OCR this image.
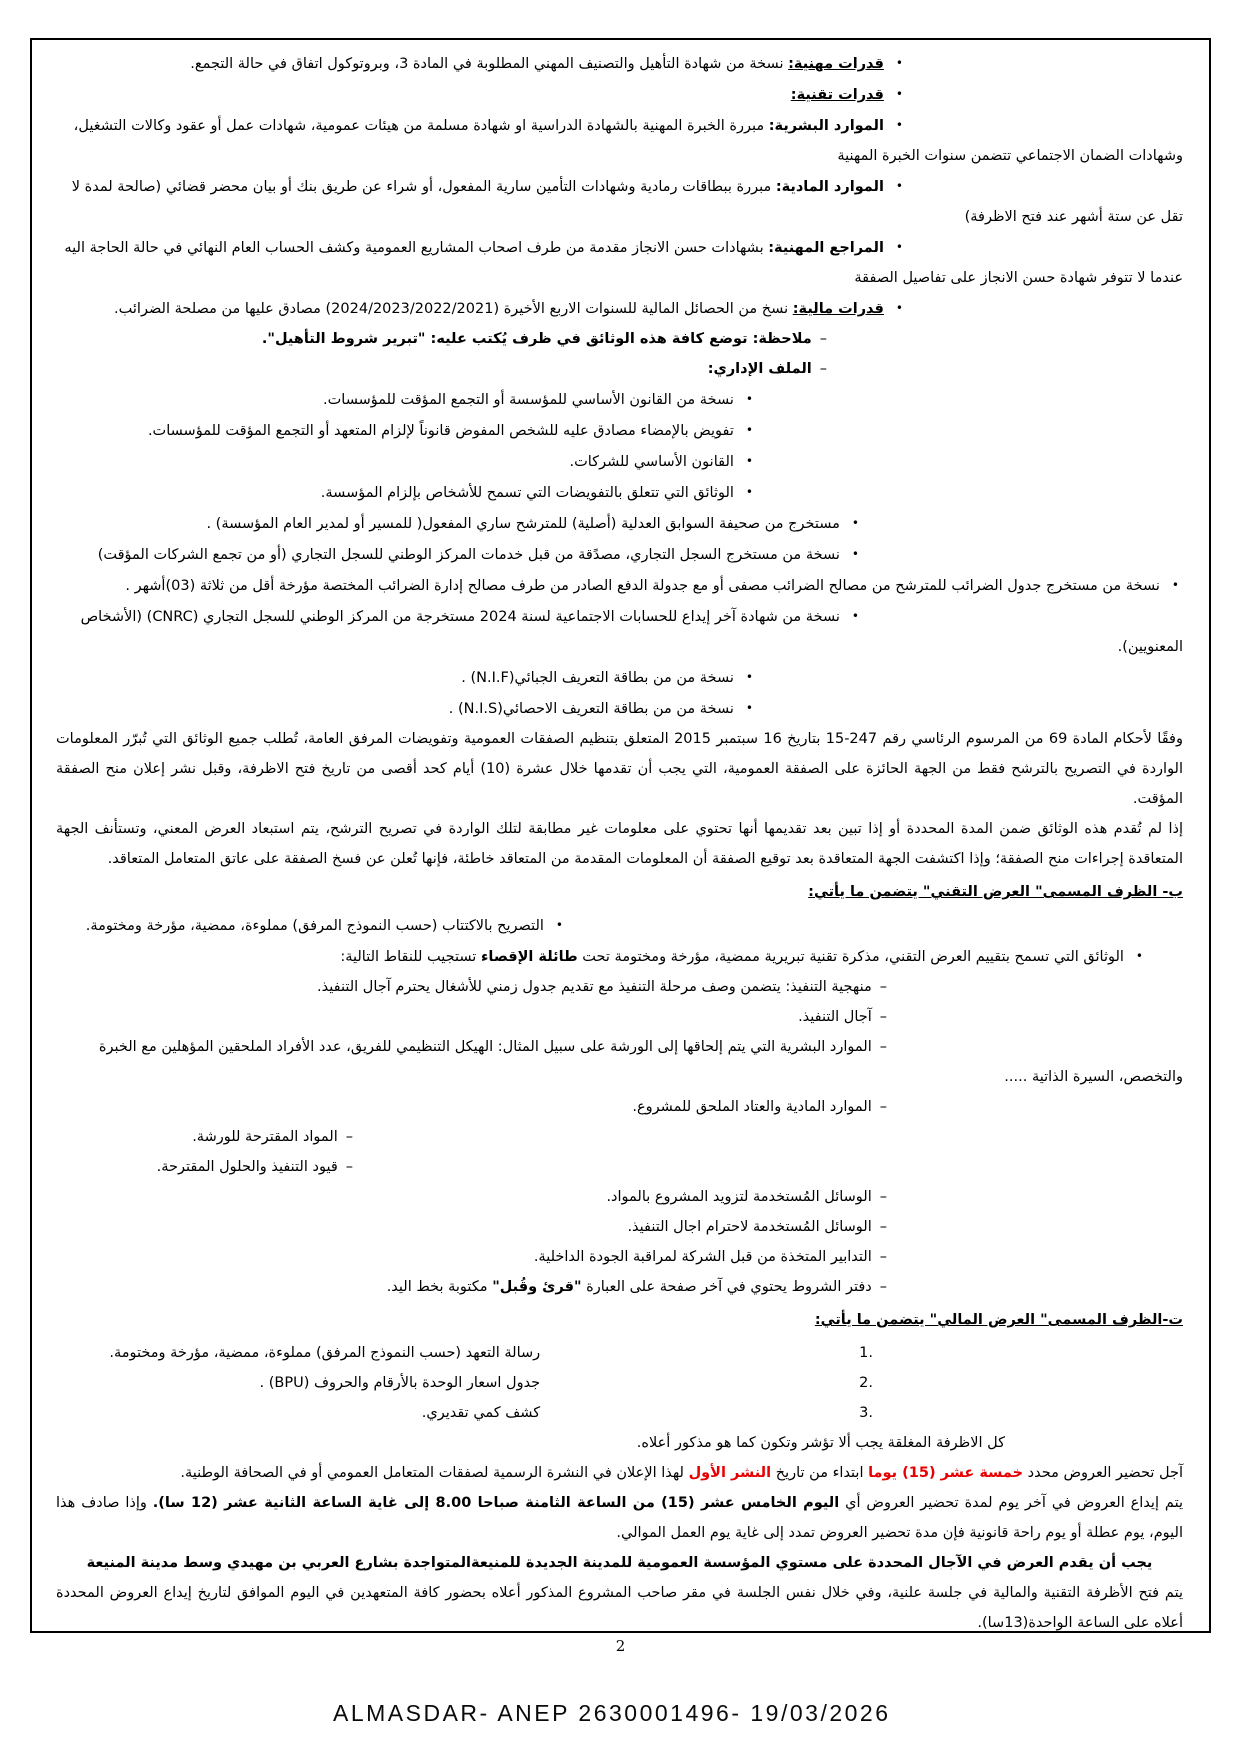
•قدرات مهنية: نسخة من شهادة التأهيل والتصنيف المهني المطلوبة في المادة 3، وبروتوكول اتفاق في حالة التجمع.
•قدرات تقنية:
•الموارد البشرية: مبررة الخبرة المهنية بالشهادة الدراسية او شهادة مسلمة من هيئات عمومية، شهادات عمل أو عقود وكالات التشغيل، وشهادات الضمان الاجتماعي تتضمن سنوات الخبرة المهنية
•الموارد المادية: مبررة ببطاقات رمادية وشهادات التأمين سارية المفعول، أو شراء عن طريق بنك أو بيان محضر قضائي (صالحة لمدة لا تقل عن ستة أشهر عند فتح الاظرفة)
•المراجع المهنية: بشهادات حسن الانجاز مقدمة من طرف اصحاب المشاريع العمومية وكشف الحساب العام النهائي في حالة الحاجة اليه عندما لا تتوفر شهادة حسن الانجاز على تفاصيل الصفقة
•قدرات مالية: نسخ من الحصائل المالية للسنوات الاربع الأخيرة (2024/2023/2022/2021) مصادق عليها من مصلحة الضرائب.
–ملاحظة: توضع كافة هذه الوثائق في ظرف يُكتب عليه: "تبرير شروط التأهيل".
–الملف الإداري:
•نسخة من القانون الأساسي للمؤسسة أو التجمع المؤقت للمؤسسات.
•تفويض بالإمضاء مصادق عليه للشخص المفوض قانوناً لإلزام المتعهد أو التجمع المؤقت للمؤسسات.
•القانون الأساسي للشركات.
•الوثائق التي تتعلق بالتفويضات التي تسمح للأشخاص بإلزام المؤسسة.
•مستخرج من صحيفة السوابق العدلية (أصلية) للمترشح ساري المفعول( للمسير أو لمدير العام المؤسسة) .
•نسخة من مستخرج السجل التجاري، مصدًقة من قبل خدمات المركز الوطني للسجل التجاري (أو من تجمع الشركات المؤقت)
•نسخة من مستخرج جدول الضرائب للمترشح من مصالح الضرائب مصفى أو مع جدولة الدفع الصادر من طرف مصالح إدارة الضرائب المختصة مؤرخة أقل من ثلاثة (03)أشهر .
•نسخة من شهادة آخر إيداع للحسابات الاجتماعية لسنة 2024 مستخرجة من المركز الوطني للسجل التجاري (CNRC) (الأشخاص المعنويين).
•نسخة من من بطاقة التعريف الجبائي(N.I.F) .
•نسخة من من بطاقة التعريف الاحصائي(N.I.S) .
وفقًا لأحكام المادة 69 من المرسوم الرئاسي رقم 247-15 بتاريخ 16 سبتمبر 2015 المتعلق بتنظيم الصفقات العمومية وتفويضات المرفق العامة، تُطلب جميع الوثائق التي تُبرّر المعلومات الواردة في التصريح بالترشح فقط من الجهة الحائزة على الصفقة العمومية، التي يجب أن تقدمها خلال عشرة (10) أيام كحد أقصى من تاريخ فتح الاظرفة، وقبل نشر إعلان منح الصفقة المؤقت.
إذا لم تُقدم هذه الوثائق ضمن المدة المحددة أو إذا تبين بعد تقديمها أنها تحتوي على معلومات غير مطابقة لتلك الواردة في تصريح الترشح، يتم استبعاد العرض المعني، وتستأنف الجهة المتعاقدة إجراءات منح الصفقة؛ وإذا اكتشفت الجهة المتعاقدة بعد توقيع الصفقة أن المعلومات المقدمة من المتعاقد خاطئة، فإنها تُعلن عن فسخ الصفقة على عاتق المتعامل المتعاقد.
ب- الظرف المسمى" العرض التقني" يتضمن ما يأتي:
•التصريح بالاكتتاب (حسب النموذج المرفق) مملوءة، ممضية، مؤرخة ومختومة.
•الوثائق التي تسمح بتقييم العرض التقني، مذكرة تقنية تبريرية ممضية، مؤرخة ومختومة تحت طائلة الإقصاء تستجيب للنقاط التالية:
–منهجية التنفيذ: يتضمن وصف مرحلة التنفيذ مع تقديم جدول زمني للأشغال يحترم آجال التنفيذ.
–آجال التنفيذ.
–الموارد البشرية التي يتم إلحاقها إلى الورشة على سبيل المثال: الهيكل التنظيمي للفريق، عدد الأفراد الملحقين المؤهلين مع الخبرة والتخصص، السيرة الذاتية .....
–الموارد المادية والعتاد الملحق للمشروع.
–المواد المقترحة للورشة.
–قيود التنفيذ والحلول المقترحة.
–الوسائل المُستخدمة لتزويد المشروع بالمواد.
–الوسائل المُستخدمة لاحترام اجال التنفيذ.
–التدابير المتخذة من قبل الشركة لمراقبة الجودة الداخلية.
–دفتر الشروط يحتوي في آخر صفحة على العبارة "قرئ وقُبل" مكتوبة بخط اليد.
ت-الظرف المسمى" العرض المالي" يتضمن ما يأتي:
1.رسالة التعهد (حسب النموذج المرفق) مملوءة، ممضية، مؤرخة ومختومة.
2.جدول اسعار الوحدة بالأرقام والحروف (BPU) .
3.كشف كمي تقديري.
كل الاظرفة المغلقة يجب ألا تؤشر وتكون كما هو مذكور أعلاه.
آجل تحضير العروض محدد خمسة عشر (15) يوما ابتداء من تاريخ النشر الأول لهذا الإعلان في النشرة الرسمية لصفقات المتعامل العمومي أو في الصحافة الوطنية.
يتم إيداع العروض في آخر يوم لمدة تحضير العروض أي اليوم الخامس عشر (15) من الساعة الثامنة صباحا 8.00 إلى غاية الساعة الثانية عشر (12 سا). وإذا صادف هذا اليوم، يوم عطلة أو يوم راحة قانونية فإن مدة تحضير العروض تمدد إلى غاية يوم العمل الموالي.
يجب أن يقدم العرض في الآجال المحددة على مستوي المؤسسة العمومية للمدينة الجديدة للمنيعةالمتواجدة بشارع العربي بن مهيدي وسط مدينة المنيعة
يتم فتح الأظرفة التقنية والمالية في جلسة علنية، وفي خلال نفس الجلسة في مقر صاحب المشروع المذكور أعلاه بحضور كافة المتعهدين في اليوم الموافق لتاريخ إيداع العروض المحددة أعلاه على الساعة الواحدة(13سا).
2
ALMASDAR- ANEP 2630001496- 19/03/2026
